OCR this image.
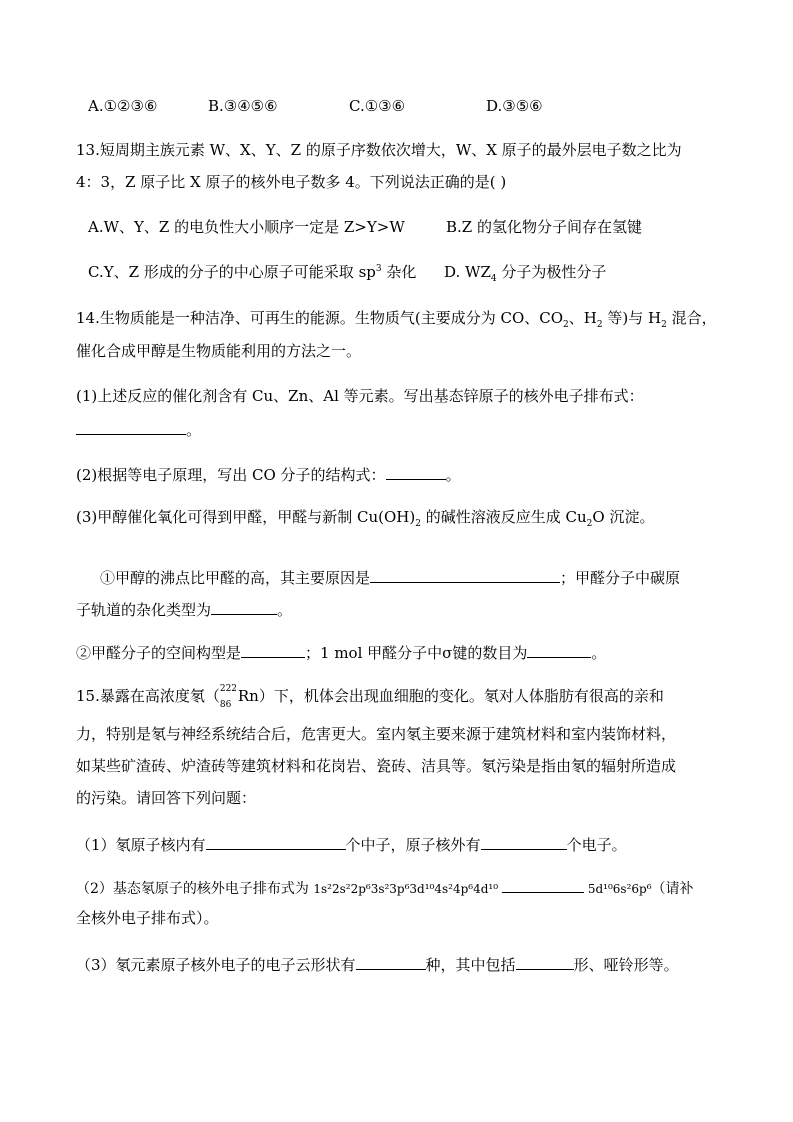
A.①②③⑥	B.③④⑤⑥	C.①③⑥	D.③⑤⑥
13.短周期主族元素 W、X、Y、Z 的原子序数依次增大，W、X 原子的最外层电子数之比为
4：3，Z 原子比 X 原子的核外电子数多 4。下列说法正确的是( )
A.W、Y、Z 的电负性大小顺序一定是 Z>Y>W	B.Z 的氢化物分子间存在氢键
C.Y、Z 形成的分子的中心原子可能采取 $sp^3$ 杂化 D. $WZ_4$ 分子为极性分子
14.生物质能是一种洁净、可再生的能源。生物质气(主要成分为 CO、$CO_2$、$H_2$ 等)与 $H_2$ 混合，
催化合成甲醇是生物质能利用的方法之一。
(1)上述反应的催化剂含有 Cu、Zn、Al 等元素。写出基态锌原子的核外电子排布式：
。
(2)根据等电子原理，写出 CO 分子的结构式：	。
(3)甲醇催化氧化可得到甲醛，甲醛与新制 $Cu(OH)_2$ 的碱性溶液反应生成 $Cu_2O$ 沉淀。
①甲醇的沸点比甲醛的高，其主要原因是	；甲醛分子中碳原
子轨道的杂化类型为	。
②甲醛分子的空间构型是	；1 mol 甲醛分子中σ键的数目为	。
15.暴露在高浓度氡（ 222
86 Rn）下，机体会出现血细胞的变化。氡对人体脂肪有很高的亲和
力，特别是氡与神经系统结合后，危害更大。室内氡主要来源于建筑材料和室内装饰材料，
如某些矿渣砖、炉渣砖等建筑材料和花岗岩、瓷砖、洁具等。氡污染是指由氡的辐射所造成
的污染。请回答下列问题：
（1）氡原子核内有	个中子，原子核外有	个电子。
（2）基态氡原子的核外电子排布式为 1s²2s²2p⁶3s²3p⁶3d¹⁰4s²4p⁶4d¹⁰	5d¹⁰6s²6p⁶（请补
全核外电子排布式）。
（3）氡元素原子核外电子的电子云形状有	种，其中包括	形、哑铃形等。
